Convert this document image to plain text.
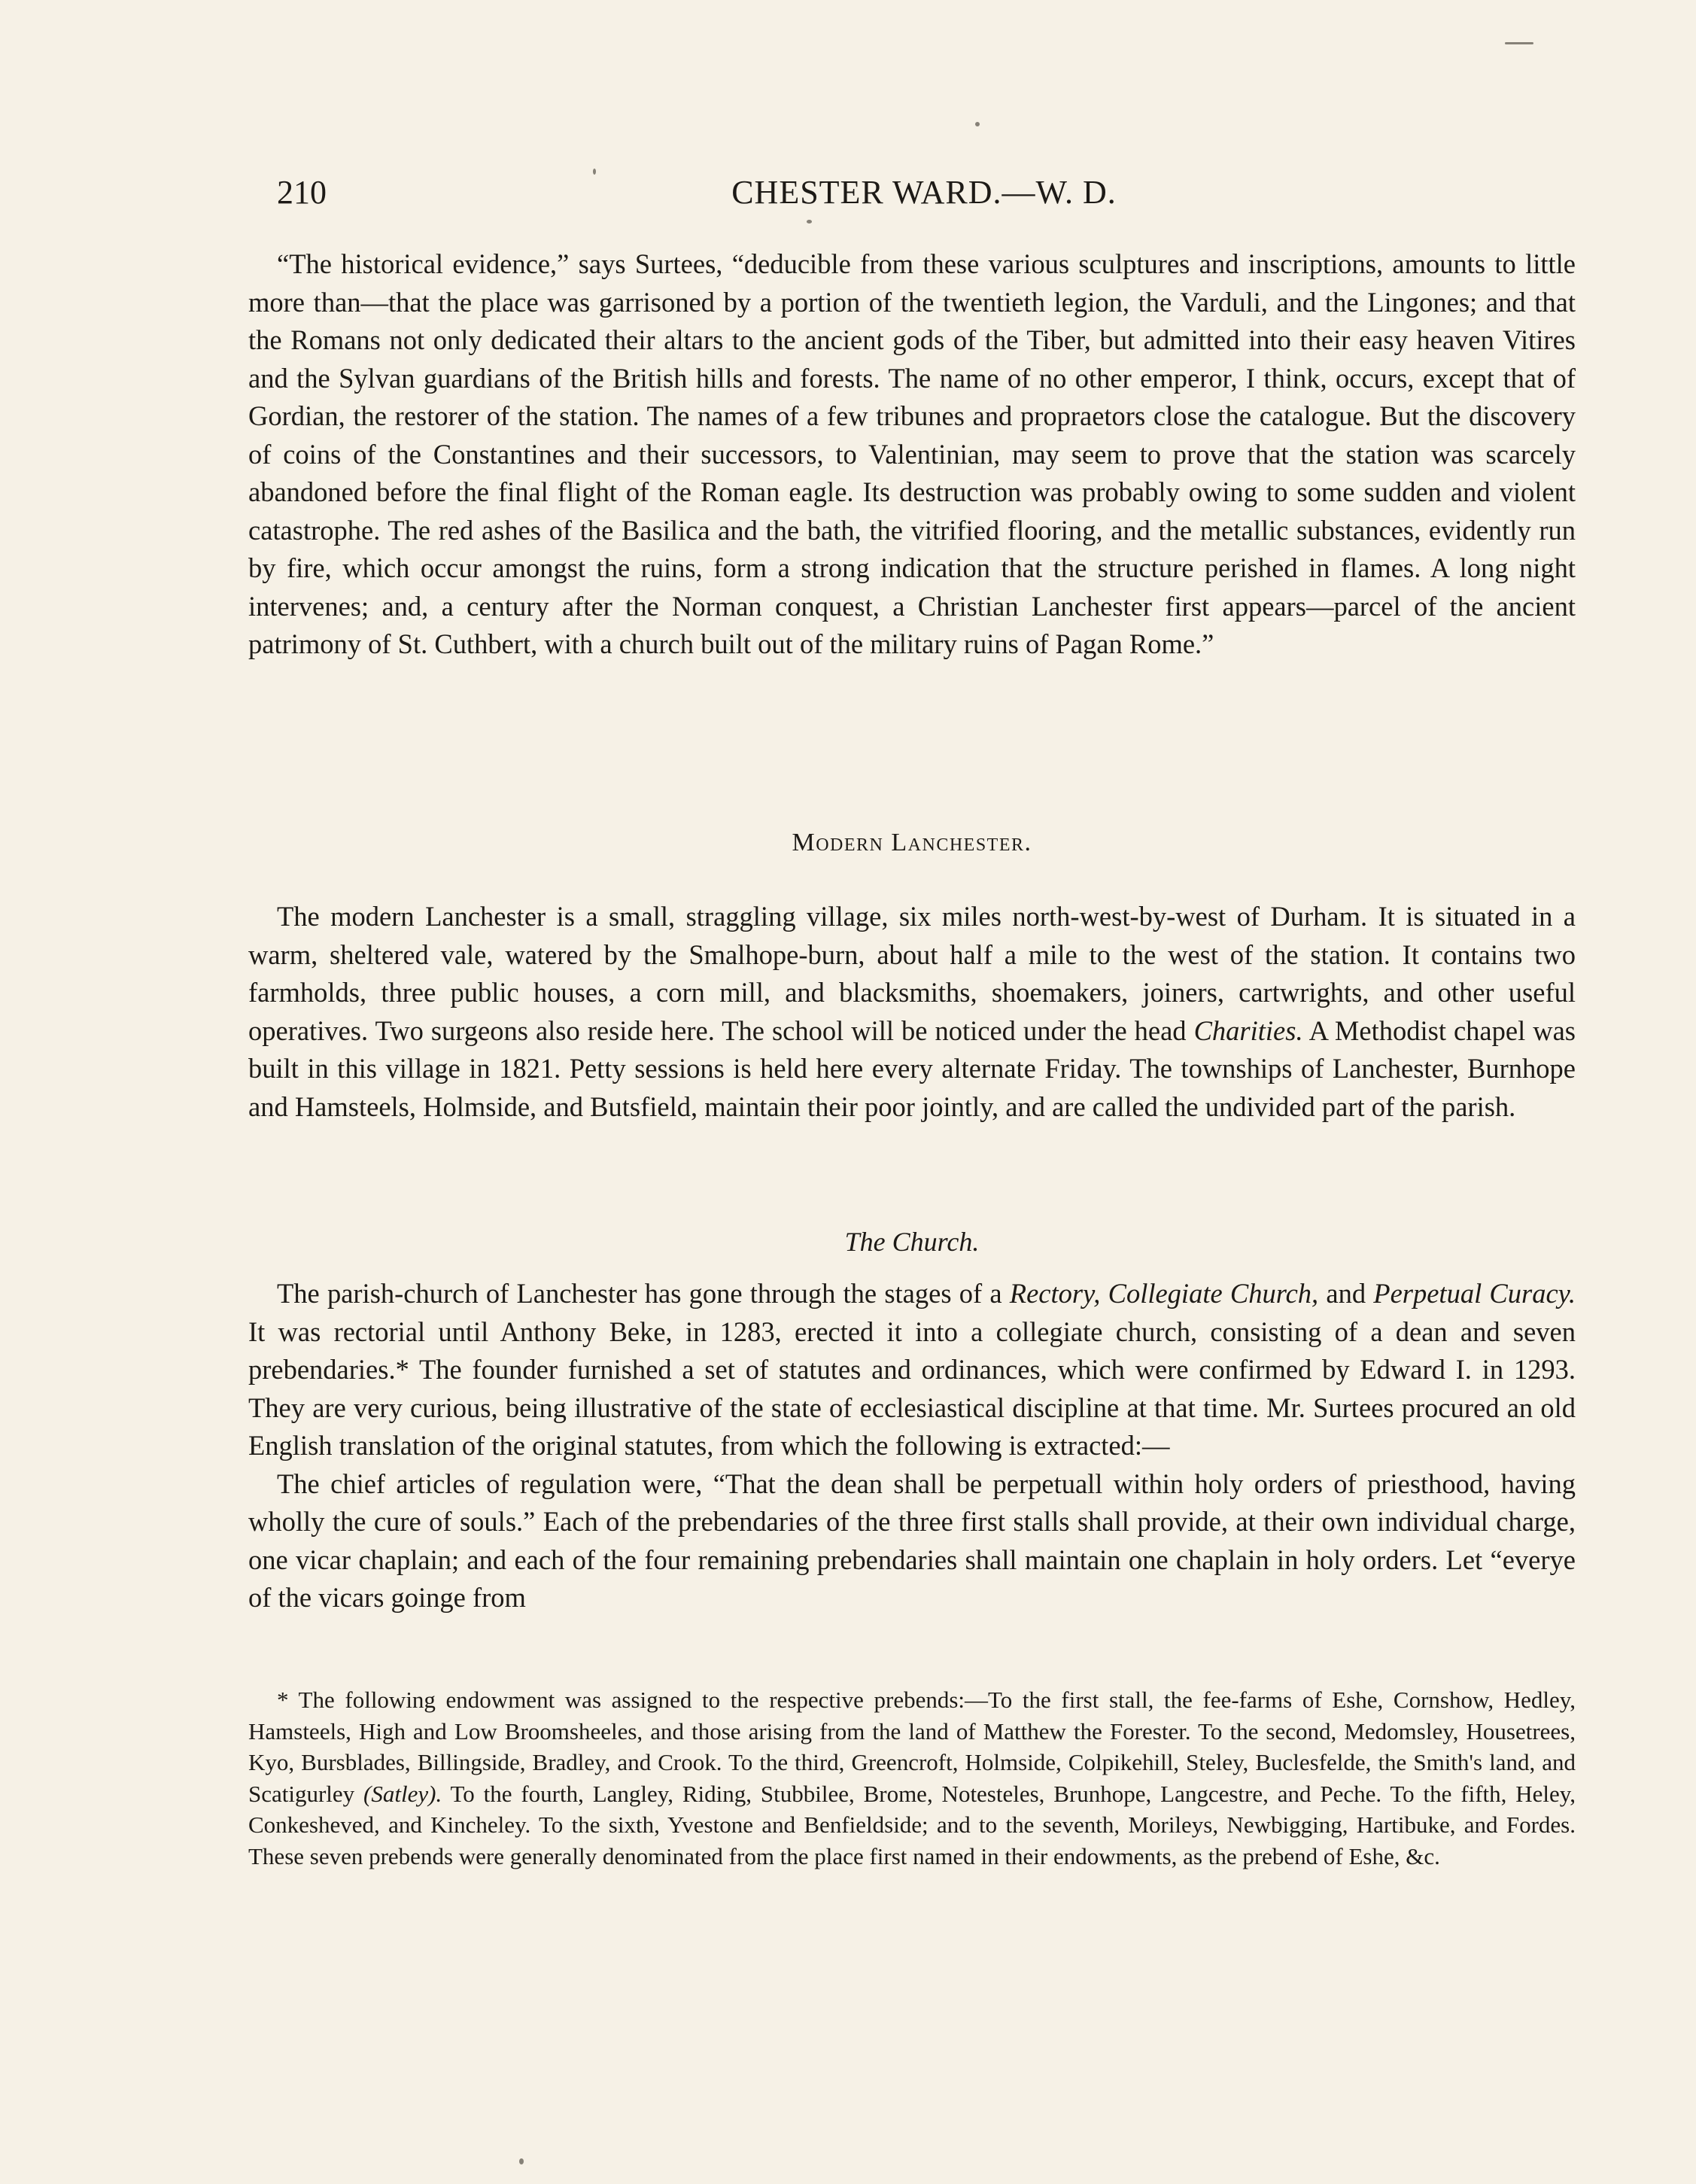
210	CHESTER WARD.—W. D.

“The historical evidence,” says Surtees, “deducible from these various sculptures and inscriptions, amounts to little more than—that the place was garrisoned by a portion of the twentieth legion, the Varduli, and the Lingones; and that the Romans not only dedicated their altars to the ancient gods of the Tiber, but admitted into their easy heaven Vitires and the Sylvan guardians of the British hills and forests. The name of no other emperor, I think, occurs, except that of Gordian, the restorer of the station. The names of a few tribunes and propraetors close the catalogue. But the discovery of coins of the Constantines and their successors, to Valentinian, may seem to prove that the station was scarcely abandoned before the final flight of the Roman eagle. Its destruction was probably owing to some sudden and violent catastrophe. The red ashes of the Basilica and the bath, the vitrified flooring, and the metallic substances, evidently run by fire, which occur amongst the ruins, form a strong indication that the structure perished in flames. A long night intervenes; and, a century after the Norman conquest, a Christian Lanchester first appears—parcel of the ancient patrimony of St. Cuthbert, with a church built out of the military ruins of Pagan Rome.”

Modern Lanchester.

The modern Lanchester is a small, straggling village, six miles north-west-by-west of Durham. It is situated in a warm, sheltered vale, watered by the Smalhope-burn, about half a mile to the west of the station. It contains two farmholds, three public houses, a corn mill, and blacksmiths, shoemakers, joiners, cartwrights, and other useful operatives. Two surgeons also reside here. The school will be noticed under the head Charities. A Methodist chapel was built in this village in 1821. Petty sessions is held here every alternate Friday. The townships of Lanchester, Burnhope and Hamsteels, Holmside, and Butsfield, maintain their poor jointly, and are called the undivided part of the parish.

The Church.

The parish-church of Lanchester has gone through the stages of a Rectory, Collegiate Church, and Perpetual Curacy. It was rectorial until Anthony Beke, in 1283, erected it into a collegiate church, consisting of a dean and seven prebendaries.* The founder furnished a set of statutes and ordinances, which were confirmed by Edward I. in 1293. They are very curious, being illustrative of the state of ecclesiastical discipline at that time. Mr. Surtees procured an old English translation of the original statutes, from which the following is extracted:—

The chief articles of regulation were, “That the dean shall be perpetuall within holy orders of priesthood, having wholly the cure of souls.” Each of the prebendaries of the three first stalls shall provide, at their own individual charge, one vicar chaplain; and each of the four remaining prebendaries shall maintain one chaplain in holy orders. Let “everye of the vicars goinge from

* The following endowment was assigned to the respective prebends:—To the first stall, the fee-farms of Eshe, Cornshow, Hedley, Hamsteels, High and Low Broomsheeles, and those arising from the land of Matthew the Forester. To the second, Medomsley, Housetrees, Kyo, Bursblades, Billingside, Bradley, and Crook. To the third, Greencroft, Holmside, Colpikehill, Steley, Buclesfelde, the Smith's land, and Scatigurley (Satley). To the fourth, Langley, Riding, Stubbilee, Brome, Notesteles, Brunhope, Langcestre, and Peche. To the fifth, Heley, Conkesheved, and Kincheley. To the sixth, Yvestone and Benfieldside; and to the seventh, Morileys, Newbigging, Hartibuke, and Fordes. These seven prebends were generally denominated from the place first named in their endowments, as the prebend of Eshe, &c.
